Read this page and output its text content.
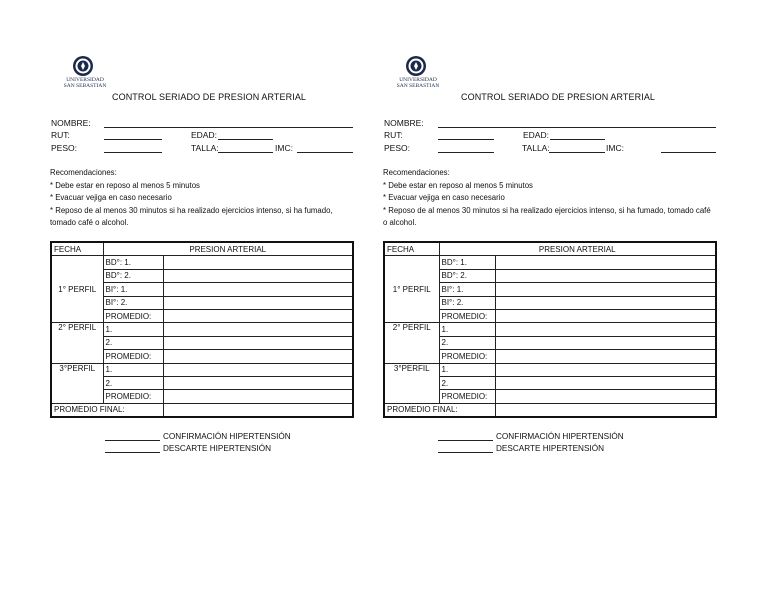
UNIVERSIDAD
SAN SEBASTIAN
CONTROL SERIADO DE PRESION ARTERIAL
NOMBRE:
RUT:	EDAD:
PESO:	TALLA:	IMC:
Recomendaciones:
* Debe estar en reposo al menos 5 minutos
* Evacuar vejiga en caso necesario
* Reposo de al menos 30 minutos si ha realizado ejercicios intenso, si ha fumado, tomado café o alcohol.
FECHA	PRESION ARTERIAL	
1° PERFIL	BD°: 1.	
	BD°: 2.	
	BI°: 1.	
	BI°: 2.	
	PROMEDIO:	
2° PERFIL	1.	
	2.	
	PROMEDIO:	
3°PERFIL	1.	
	2.	
	PROMEDIO:	
PROMEDIO FINAL:		
CONFIRMACIÓN HIPERTENSIÓN
DESCARTE HIPERTENSIÓN
UNIVERSIDAD
SAN SEBASTIAN
CONTROL SERIADO DE PRESION ARTERIAL
NOMBRE:
RUT:	EDAD:
PESO:	TALLA:	IMC:
Recomendaciones:
* Debe estar en reposo al menos 5 minutos
* Evacuar vejiga en caso necesario
* Reposo de al menos 30 minutos si ha realizado ejercicios intenso, si ha fumado, tomado café o alcohol.
FECHA	PRESION ARTERIAL	
1° PERFIL	BD°: 1.	
	BD°: 2.	
	BI°: 1.	
	BI°: 2.	
	PROMEDIO:	
2° PERFIL	1.	
	2.	
	PROMEDIO:	
3°PERFIL	1.	
	2.	
	PROMEDIO:	
PROMEDIO FINAL:		
CONFIRMACIÓN HIPERTENSIÓN
DESCARTE HIPERTENSIÓN
